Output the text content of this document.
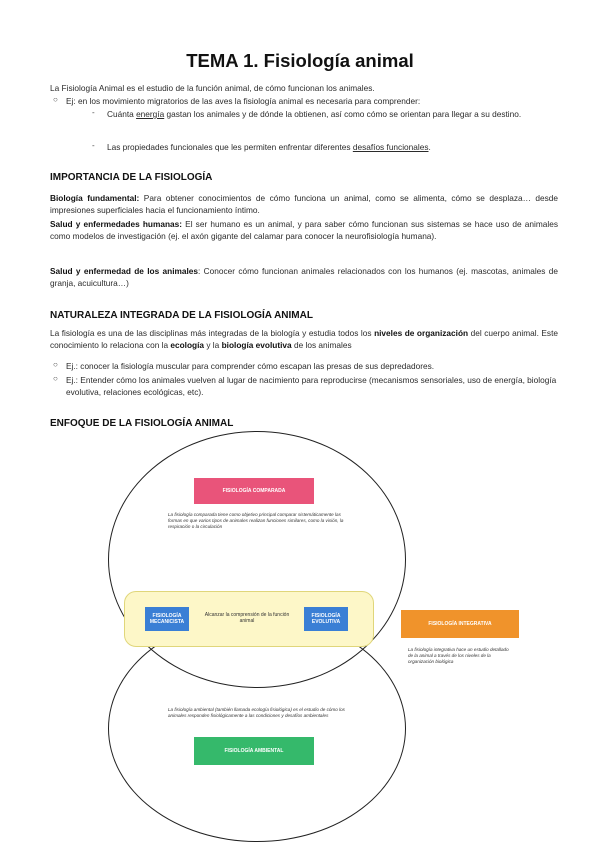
TEMA 1. Fisiología animal
La Fisiología Animal es el estudio de la función animal, de cómo funcionan los animales.
○ Ej: en los movimiento migratorios de las aves la fisiología animal es necesaria para comprender:
- Cuánta energía gastan los animales y de dónde la obtienen, así como cómo se orientan para llegar a su destino.
- Las propiedades funcionales que les permiten enfrentar diferentes desafíos funcionales.
IMPORTANCIA DE LA FISIOLOGÍA
Biología fundamental: Para obtener conocimientos de cómo funciona un animal, como se alimenta, cómo se desplaza… desde impresiones superficiales hacia el funcionamiento íntimo.
Salud y enfermedades humanas: El ser humano es un animal, y para saber cómo funcionan sus sistemas se hace uso de animales como modelos de investigación (ej. el axón gigante del calamar para conocer la neurofisiología humana).
Salud y enfermedad de los animales: Conocer cómo funcionan animales relacionados con los humanos (ej. mascotas, animales de granja, acuicultura…)
NATURALEZA INTEGRADA DE LA FISIOLOGÍA ANIMAL
La fisiología es una de las disciplinas más integradas de la biología y estudia todos los niveles de organización del cuerpo animal. Este conocimiento lo relaciona con la ecología y la biología evolutiva de los animales
○ Ej.: conocer la fisiología muscular para comprender cómo escapan las presas de sus depredadores.
○ Ej.: Entender cómo los animales vuelven al lugar de nacimiento para reproducirse (mecanismos sensoriales, uso de energía, biología evolutiva, relaciones ecológicas, etc).
ENFOQUE DE LA FISIOLOGÍA ANIMAL
FISIOLOGÍA COMPARADA
La fisiología comparada tiene como objetivo principal comparar sistemáticamente las formas en que varios tipos de animales realizan funciones similares, como la visión, la respiración o la circulación
FISIOLOGÍA MECANICISTA
Alcanzar la comprensión de la función animal
FISIOLOGÍA EVOLUTIVA	FISIOLOGÍA INTEGRATIVA
La fisiología integrativa hace un estudio detallado de la animal a través de los niveles de la organización biológica
La fisiología ambiental (también llamada ecología fisiológica) es el estudio de cómo los animales responden fisiológicamente a las condiciones y desafíos ambientales
FISIOLOGÍA AMBIENTAL
